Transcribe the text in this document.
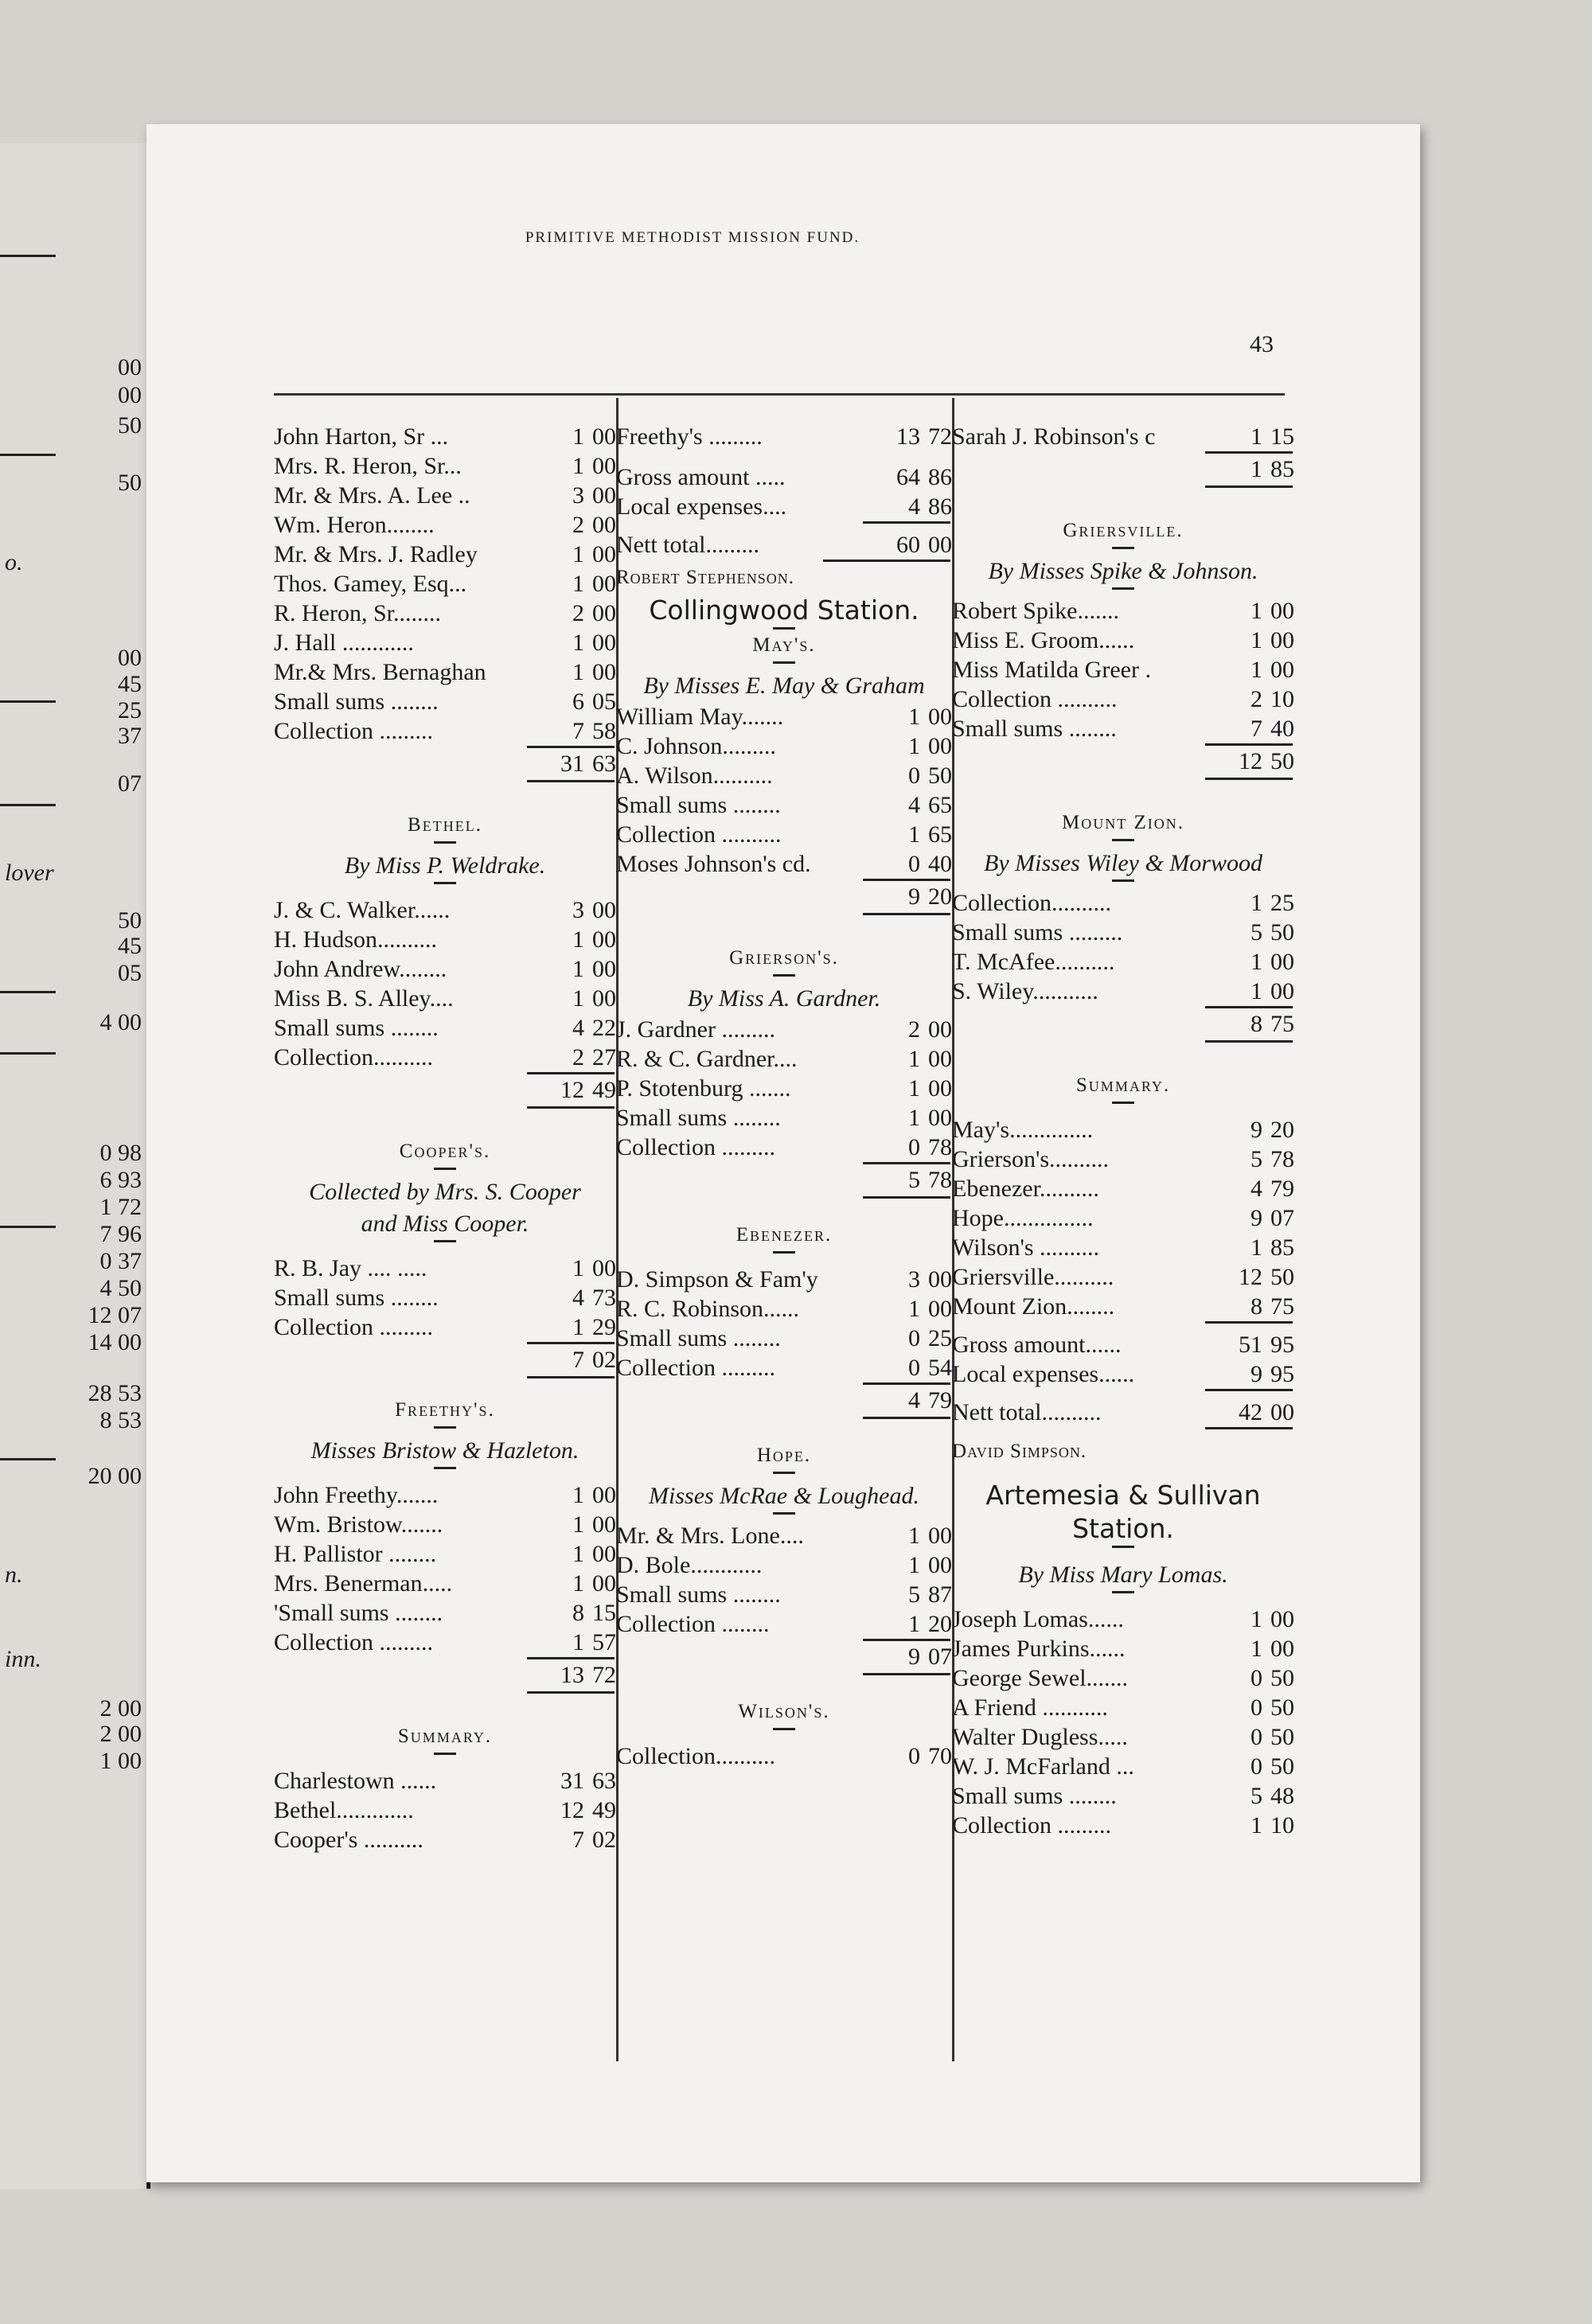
00
00
50
50
o.
00
45
25
37
07
lover
50
45
05
4 00
0 98
6 93
1 72
7 96
0 37
4 50
12 07
14 00
28 53
8 53
20 00
n.
inn.
2 00
2 00
1 00
PRIMITIVE METHODIST MISSION FUND.
43
John Harton, Sr ...	1 00
Mrs. R. Heron, Sr...	1 00
Mr. & Mrs. A. Lee ..	3 00
Wm. Heron........	2 00
Mr. & Mrs. J. Radley	1 00
Thos. Gamey, Esq...	1 00
R. Heron, Sr........	2 00
J. Hall ............	1 00
Mr.& Mrs. Bernaghan	1 00
Small sums ........	6 05
Collection .........	7 58
31 63
Bethel.
By Miss P. Weldrake.
J. & C. Walker......	3 00
H. Hudson..........	1 00
John Andrew........	1 00
Miss B. S. Alley....	1 00
Small sums ........	4 22
Collection..........	2 27
12 49
Cooper's.
Collected by Mrs. S. Cooper
and Miss Cooper.
R. B. Jay .... .....	1 00
Small sums ........	4 73
Collection .........	1 29
7 02
Freethy's.
Misses Bristow & Hazleton.
John Freethy.......	1 00
Wm. Bristow.......	1 00
H. Pallistor ........	1 00
Mrs. Benerman.....	1 00
'Small sums ........	8 15
Collection .........	1 57
13 72
Summary.
Charlestown ......	31 63
Bethel.............	12 49
Cooper's ..........	7 02
Freethy's .........	13 72
Gross amount .....	64 86
Local expenses....	4 86
Nett total.........	60 00
Robert Stephenson.
Collingwood Station.
May's.
By Misses E. May & Graham
William May.......	1 00
C. Johnson.........	1 00
A. Wilson..........	0 50
Small sums ........	4 65
Collection ..........	1 65
Moses Johnson's cd.	0 40
9 20
Grierson's.
By Miss A. Gardner.
J. Gardner .........	2 00
R. & C. Gardner....	1 00
P. Stotenburg .......	1 00
Small sums ........	1 00
Collection .........	0 78
5 78
Ebenezer.
D. Simpson & Fam'y	3 00
R. C. Robinson......	1 00
Small sums ........	0 25
Collection .........	0 54
4 79
Hope.
Misses McRae & Loughead.
Mr. & Mrs. Lone....	1 00
D. Bole............	1 00
Small sums ........	5 87
Collection ........	1 20
9 07
Wilson's.
Collection..........	0 70
Sarah J. Robinson's c	1 15
1 85
Griersville.
By Misses Spike & Johnson.
Robert Spike.......	1 00
Miss E. Groom......	1 00
Miss Matilda Greer .	1 00
Collection ..........	2 10
Small sums ........	7 40
12 50
Mount Zion.
By Misses Wiley & Morwood
Collection..........	1 25
Small sums .........	5 50
T. McAfee..........	1 00
S. Wiley...........	1 00
8 75
Summary.
May's..............	9 20
Grierson's..........	5 78
Ebenezer..........	4 79
Hope...............	9 07
Wilson's ..........	1 85
Griersville..........	12 50
Mount Zion........	8 75
Gross amount......	51 95
Local expenses......	9 95
Nett total..........	42 00
David Simpson.
Artemesia & Sullivan
Station.
By Miss Mary Lomas.
Joseph Lomas......	1 00
James Purkins......	1 00
George Sewel.......	0 50
A Friend ...........	0 50
Walter Dugless.....	0 50
W. J. McFarland ...	0 50
Small sums ........	5 48
Collection .........	1 10
